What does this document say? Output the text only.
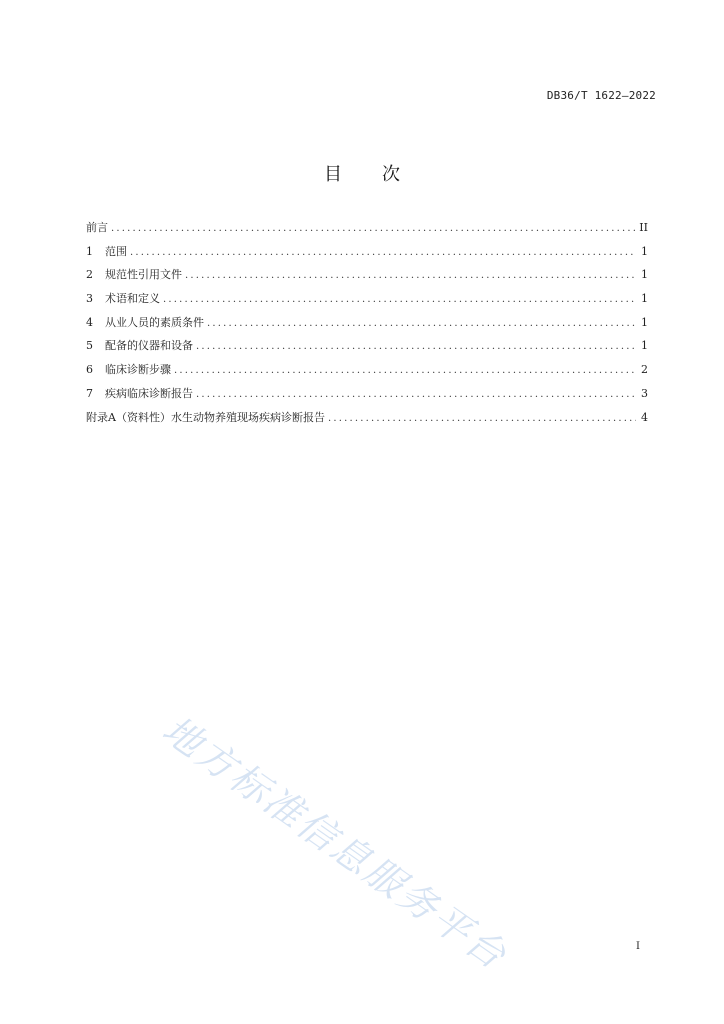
DB36/T 1622—2022
目 次
前言 .....	II
1	范围 .....	1
2	规范性引用文件 .....	1
3	术语和定义 .....	1
4	从业人员的素质条件 .....	1
5	配备的仪器和设备 .....	1
6	临床诊断步骤 .....	2
7	疾病临床诊断报告 .....	3
附录A（资料性）水生动物养殖现场疾病诊断报告 .....	4
地方标准信息服务平台	I
